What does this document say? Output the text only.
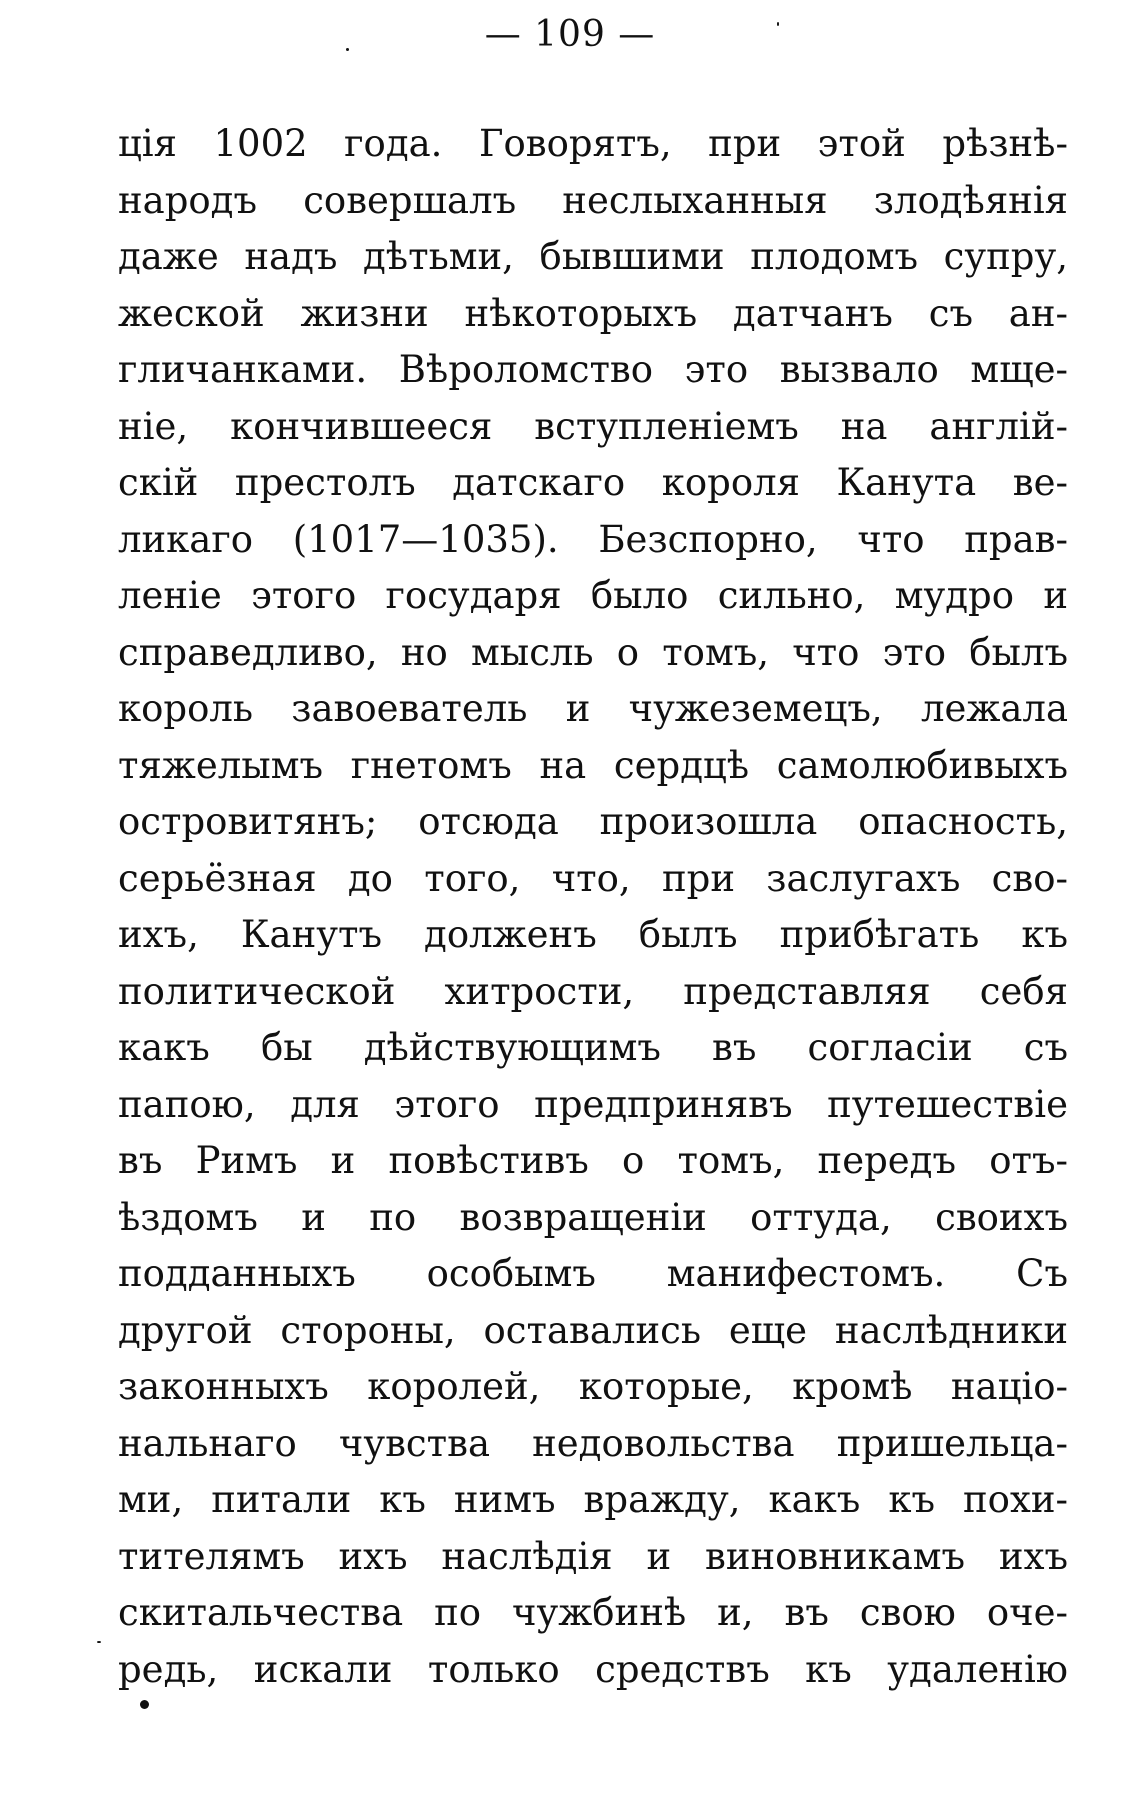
— 109 —
ція 1002 года. Говорятъ, при этой рѣзнѣ-
народъ совершалъ неслыханныя злодѣянія
даже надъ дѣтьми, бывшими плодомъ супру,
жеской жизни нѣкоторыхъ датчанъ съ ан-
гличанками. Вѣроломство это вызвало мще-
ніе, кончившееся вступленіемъ на англій-
скій престолъ датскаго короля Канута ве-
ликаго (1017—1035). Безспорно, что прав-
леніе этого государя было сильно, мудро и
справедливо, но мысль о томъ, что это былъ
король завоеватель и чужеземецъ, лежала
тяжелымъ гнетомъ на сердцѣ самолюбивыхъ
островитянъ; отсюда произошла опасность,
серьёзная до того, что, при заслугахъ сво-
ихъ, Канутъ долженъ былъ прибѣгать къ
политической хитрости, представляя себя
какъ бы дѣйствующимъ въ согласіи съ
папою, для этого предпринявъ путешествіе
въ Римъ и повѣстивъ о томъ, передъ отъ-
ѣздомъ и по возвращеніи оттуда, своихъ
подданныхъ особымъ манифестомъ. Съ
другой стороны, оставались еще наслѣдники
законныхъ королей, которые, кромѣ націо-
нальнаго чувства недовольства пришельца-
ми, питали къ нимъ вражду, какъ къ похи-
тителямъ ихъ наслѣдія и виновникамъ ихъ
скитальчества по чужбинѣ и, въ свою оче-
редь, искали только средствъ къ удаленію
